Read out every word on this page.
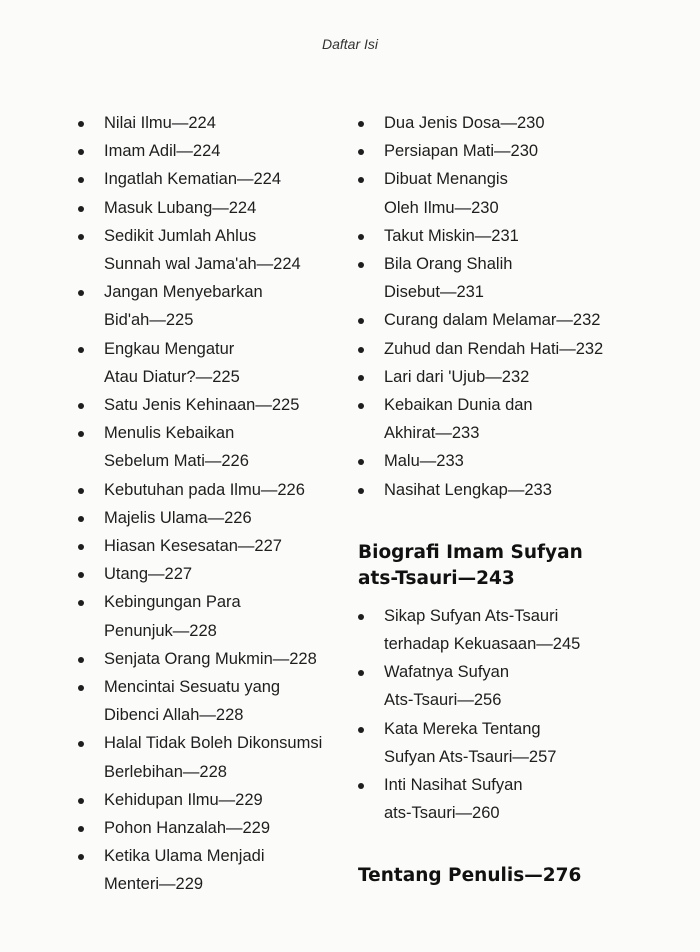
Daftar Isi
Nilai Ilmu—224
Imam Adil—224
Ingatlah Kematian—224
Masuk Lubang—224
Sedikit Jumlah Ahlus
Sunnah wal Jama'ah—224
Jangan Menyebarkan
Bid'ah—225
Engkau Mengatur
Atau Diatur?—225
Satu Jenis Kehinaan—225
Menulis Kebaikan
Sebelum Mati—226
Kebutuhan pada Ilmu—226
Majelis Ulama—226
Hiasan Kesesatan—227
Utang—227
Kebingungan Para
Penunjuk—228
Senjata Orang Mukmin—228
Mencintai Sesuatu yang
Dibenci Allah—228
Halal Tidak Boleh Dikonsumsi
Berlebihan—228
Kehidupan Ilmu—229
Pohon Hanzalah—229
Ketika Ulama Menjadi
Menteri—229
Dua Jenis Dosa—230
Persiapan Mati—230
Dibuat Menangis
Oleh Ilmu—230
Takut Miskin—231
Bila Orang Shalih
Disebut—231
Curang dalam Melamar—232
Zuhud dan Rendah Hati—232
Lari dari 'Ujub—232
Kebaikan Dunia dan
Akhirat—233
Malu—233
Nasihat Lengkap—233
Biografi Imam Sufyan
ats-Tsauri—243
Sikap Sufyan Ats-Tsauri
terhadap Kekuasaan—245
Wafatnya Sufyan
Ats-Tsauri—256
Kata Mereka Tentang
Sufyan Ats-Tsauri—257
Inti Nasihat Sufyan
ats-Tsauri—260
Tentang Penulis—276
